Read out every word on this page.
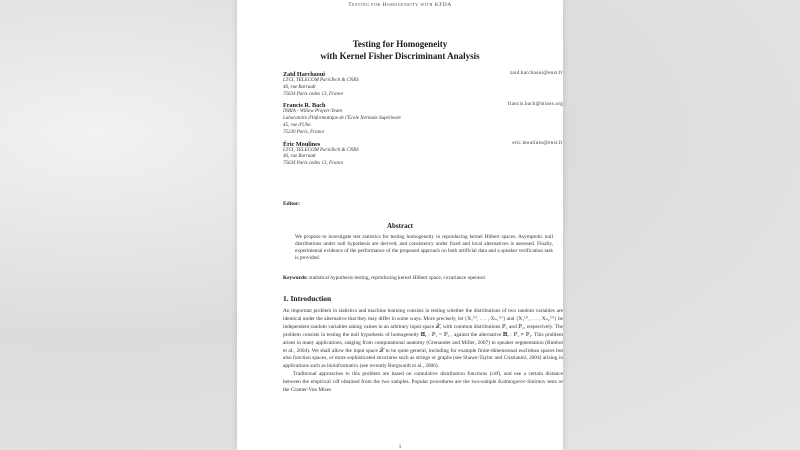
Testing for Homogeneity with KFDA
Testing for Homogeneity
with Kernel Fisher Discriminant Analysis
Zaïd Harchaoui	zaid.harchaoui@enst.fr
LTCI, TELECOM ParisTech & CNRS
46, rue Barrault
75634 Paris cedex 13, France
Francis R. Bach	francis.bach@mines.org
INRIA - Willow Project-Team
Laboratoire d'Informatique de l'École Normale Supérieure
45, rue d'Ulm
75230 Paris, France
Éric Moulines	eric.moulines@enst.fr
LTCI, TELECOM ParisTech & CNRS
46, rue Barrault
75634 Paris cedex 13, France
Editor:
Abstract
We propose to investigate test statistics for testing homogeneity in reproducing kernel Hilbert spaces. Asymptotic null distributions under null hypothesis are derived, and consistency under fixed and local alternatives is assessed. Finally, experimental evidence of the performance of the proposed approach on both artificial data and a speaker verification task is provided.
Keywords: statistical hypothesis testing, reproducing kernel Hilbert space, covariance operator
1. Introduction

An important problem in statistics and machine learning consists in testing whether the distributions of two random variables are identical under the alternative that they may differ in some ways. More precisely, let {X₁⁽¹⁾, . . . , Xₙ₁⁽¹⁾} and {X₁⁽²⁾, . . . , Xₙ₂⁽²⁾} be independent random variables taking values in an arbitrary input space 𝒳, with common distributions ℙ₁ and ℙ₂, respectively. The problem consists in testing the null hypothesis of homogeneity 𝐇₀ : ℙ₁ = ℙ₂ , against the alternative 𝐇ₐ : ℙ₁ ≠ ℙ₂. This problem arises in many applications, ranging from computational anatomy (Grenander and Miller, 2007) to speaker segmentation (Bimbot et al., 2004). We shall allow the input space 𝒳 to be quite general, including for example finite-dimensional euclidean spaces but also function spaces, or more sophisticated structures such as strings or graphs (see Shawe-Taylor and Cristianini, 2004) arising in applications such as bioinformatics (see recently Borgwardt et al., 2006).

Traditional approaches to this problem are based on cumulative distribution functions (cdf), and use a certain distance between the empirical cdf obtained from the two samples. Popular procedures are the two-sample Kolmogorov-Smirnov tests or the Cramer-Von Mises

1
